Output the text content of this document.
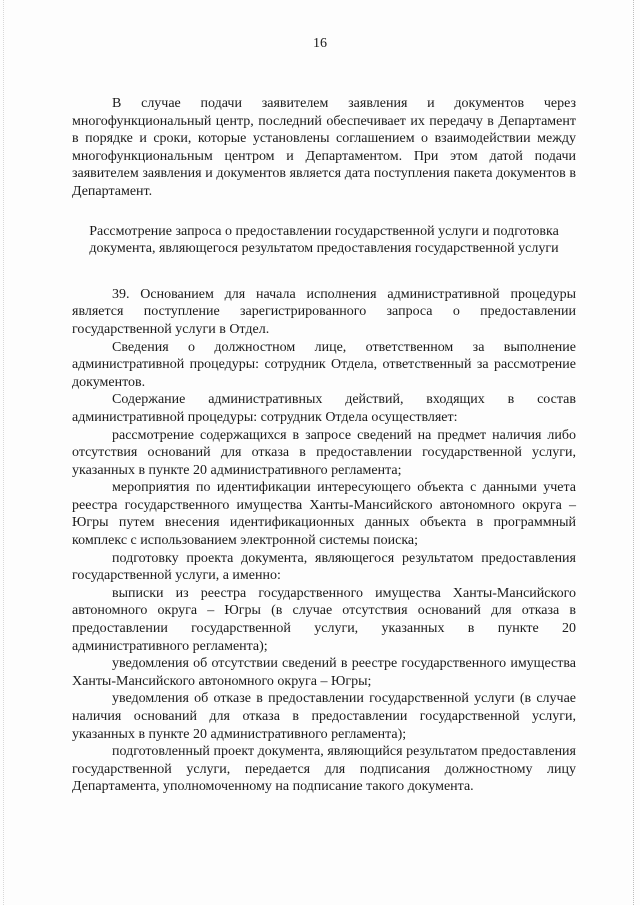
16

В случае подачи заявителем заявления и документов через многофункциональный центр, последний обеспечивает их передачу в Департамент в порядке и сроки, которые установлены соглашением о взаимодействии между многофункциональным центром и Департаментом. При этом датой подачи заявителем заявления и документов является дата поступления пакета документов в Департамент.

Рассмотрение запроса о предоставлении государственной услуги и подготовка документа, являющегося результатом предоставления государственной услуги

39. Основанием для начала исполнения административной процедуры является поступление зарегистрированного запроса о предоставлении государственной услуги в Отдел.

Сведения о должностном лице, ответственном за выполнение административной процедуры: сотрудник Отдела, ответственный за рассмотрение документов.

Содержание административных действий, входящих в состав административной процедуры: сотрудник Отдела осуществляет:

рассмотрение содержащихся в запросе сведений на предмет наличия либо отсутствия оснований для отказа в предоставлении государственной услуги, указанных в пункте 20 административного регламента;

мероприятия по идентификации интересующего объекта с данными учета реестра государственного имущества Ханты-Мансийского автономного округа – Югры путем внесения идентификационных данных объекта в программный комплекс с использованием электронной системы поиска;

подготовку проекта документа, являющегося результатом предоставления государственной услуги, а именно:

выписки из реестра государственного имущества Ханты-Мансийского автономного округа – Югры (в случае отсутствия оснований для отказа в предоставлении государственной услуги, указанных в пункте 20 административного регламента);

уведомления об отсутствии сведений в реестре государственного имущества Ханты-Мансийского автономного округа – Югры;

уведомления об отказе в предоставлении государственной услуги (в случае наличия оснований для отказа в предоставлении государственной услуги, указанных в пункте 20 административного регламента);

подготовленный проект документа, являющийся результатом предоставления государственной услуги, передается для подписания должностному лицу Департамента, уполномоченному на подписание такого документа.
